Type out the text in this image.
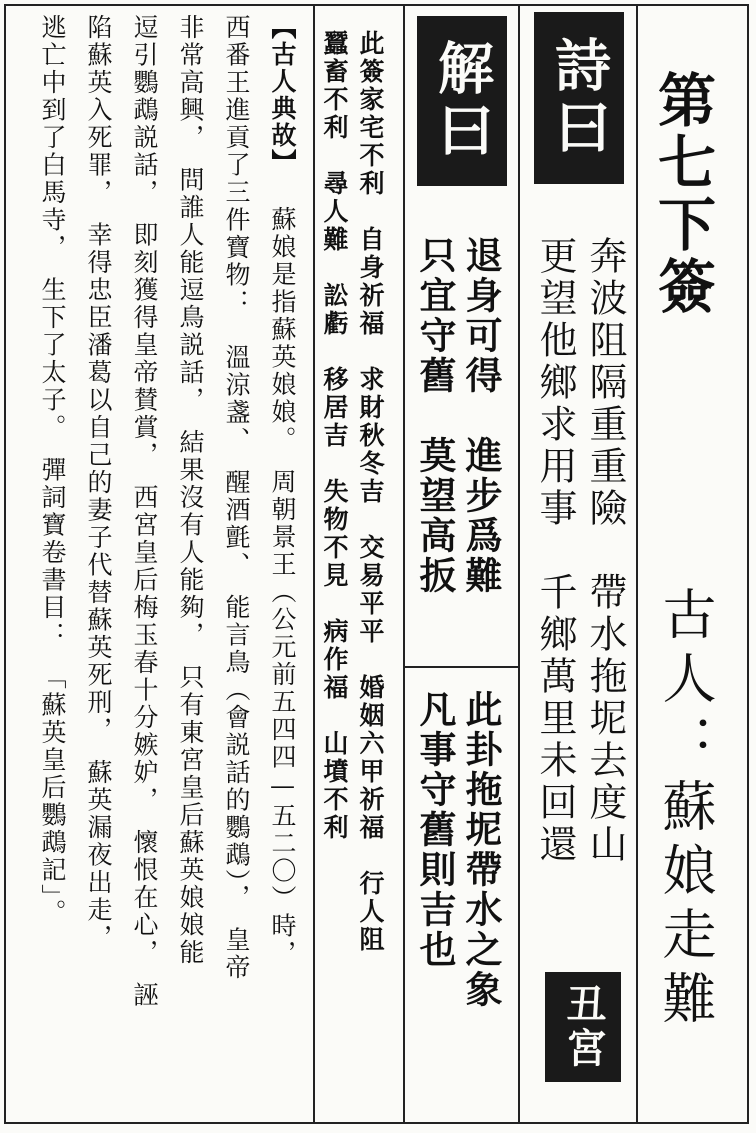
第七下簽
古人：蘇娘走難
詩曰
奔波阻隔重重險　帶水拖坭去度山
更望他鄉求用事　千鄉萬里未回還
丑宮
解曰
退身可得　進步爲難
只宜守舊　莫望高扳
此卦拖坭帶水之象
凡事守舊則吉也
此簽家宅不利　自身祈福　求財秋冬吉　交易平平　婚姻六甲祈福　行人阻
蠶畜不利　尋人難　訟虧　移居吉　失物不見　病作福　山墳不利
【古人典故】
蘇娘是指蘇英娘娘。　周朝景王（公元前五四四—五二〇）時，
西番王進貢了三件寶物：　溫涼盞、　醒酒氈、　能言鳥（會説話的鸚鵡），　皇帝
非常高興，　問誰人能逗鳥説話，　結果沒有人能夠，　只有東宮皇后蘇英娘娘能
逗引鸚鵡説話，　即刻獲得皇帝賛賞，　西宮皇后梅玉春十分嫉妒，　懷恨在心，　誣
陷蘇英入死罪，　幸得忠臣潘葛以自己的妻子代替蘇英死刑，　蘇英漏夜出走，
逃亡中到了白馬寺，　生下了太子。　彈詞寶卷書目：　「蘇英皇后鸚鵡記」。
